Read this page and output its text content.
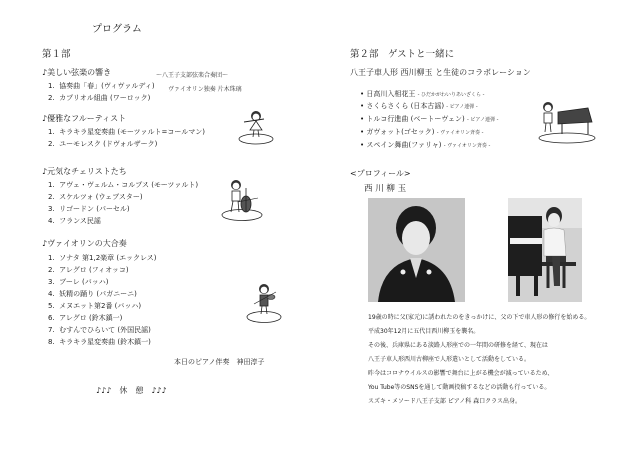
プログラム
第１部
♪美しい弦楽の響き	～八王子支部弦楽合奏団～
1. 協奏曲「春」(ヴィヴァルディ) ヴァイオリン独奏 片木珠璃
2. カプリオル組曲 (ワーロック)
♪優雅なフルーティスト
1. キラキラ星変奏曲 (モーツァルト=コールマン)
2. ユーモレスク (ドヴォルザーク)
♪元気なチェリストたち
1. アヴェ・ヴェルム・コルプス (モーツァルト)
2. スケルツォ (ウェブスター)
3. リゴードン (パーセル)
4. フランス民謡
♪ヴァイオリンの大合奏
1. ソナタ 第1,2楽章 (エックレス)
2. アレグロ (フィオッコ)
3. ブーレ (バッハ)
4. 妖精の踊り (パガニーニ)
5. メヌエット第2番 (バッハ)
6. アレグロ (鈴木鎮一)
7. むすんでひらいて (外国民謡)
8. キラキラ星変奏曲 (鈴木鎮一)
本日のピアノ伴奏　神田淳子
♪♪♪　休　憩　♪♪♪
第２部　ゲストと一緒に
八王子車人形 西川柳玉 と生徒のコラボレーション
• 日高川入相花王 - ひだかがわいりあいざくら -
• さくらさくら (日本古謡) - ピアノ連弾 -
• トルコ行進曲 (ベートーヴェン) - ピアノ連弾 -
• ガヴォット(ゴセック) - ヴァイオリン斉奏 -
• スペイン舞曲(ファリャ) - ヴァイオリン斉奏 -
<プロフィール>
西 川 柳 玉
19歳の時に父(家元)に誘われたのをきっかけに、父の下で車人形の修行を始める。
平成30年12月に五代目西川柳玉を襲名。
その後、兵庫県にある淡路人形座での一年間の研修を経て、現在は
八王子車人形西川古柳座で人形遣いとして活動をしている。
昨今はコロナウイルスの影響で舞台に上がる機会が減っているため、
You Tube等のSNSを通して動画投稿するなどの活動も行っている。
スズキ・メソード八王子支部 ピアノ科 森口クラス出身。
